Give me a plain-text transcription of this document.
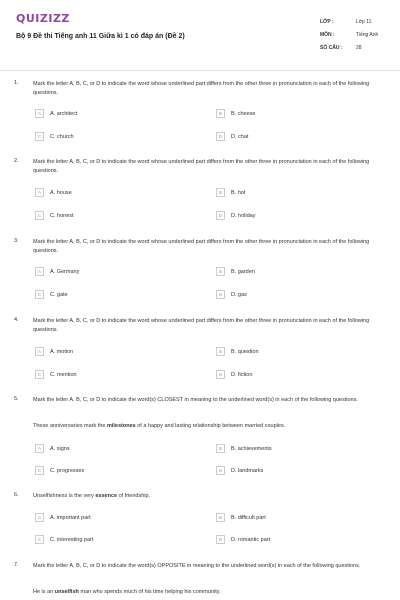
QUIZIZZ
Bộ 9 Đề thi Tiếng anh 11 Giữa kì 1 có đáp án (Đề 2)
LỚP :	Lớp 11
MÔN :	Tiếng Anh
SỐ CÂU :	28
1.	Mark the letter A, B, C, or D to indicate the word whose underlined part differs from the other three in pronunciation in each of the following questions.
A	A. architect	B	B. cheese
C	C. church	D	D. chat
2.	Mark the letter A, B, C, or D to indicate the word whose underlined part differs from the other three in pronunciation in each of the following questions.
A	A. house	B	B. hot
C	C. honest	D	D. holiday
3.	Mark the letter A, B, C, or D to indicate the word whose underlined part differs from the other three in pronunciation in each of the following questions.
A	A. Germany	B	B. garden
C	C. gate	D	D. gas
4.	Mark the letter A, B, C, or D to indicate the word whose underlined part differs from the other three in pronunciation in each of the following questions.
A	A. motion	B	B. question
C	C. mention	D	D. fiction
5.	Mark the letter A, B, C, or D to indicate the word(s) CLOSEST in meaning to the underlined word(s) in each of the following questions.
These anniversaries mark the milestones of a happy and lasting relationship between married couples.
A	A. signs	B	B. achievements
C	C. progresses	D	D. landmarks
6.	Unselfishness is the very essence of friendship.
A	A. important part	B	B. difficult part
C	C. interesting part	D	D. romantic part
7.	Mark the letter A, B, C, or D to indicate the word(s) OPPOSITE in meaning to the underlined word(s) in each of the following questions.
He is an unselfish man who spends much of his time helping his community.
